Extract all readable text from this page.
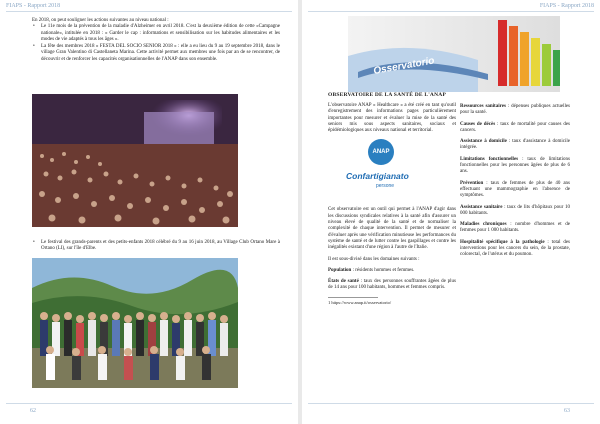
FIAPS - Rapport 2018

En 2018, on peut souligner les actions suivantes au niveau national :

• Le 11e mois de la prévention de la maladie d'Alzheimer en avril 2018. C'est la deuxième édition de cette «Campagne nationale», intitulée en 2018 : « Garder le cap : informations et sensibilisation sur les habitudes alimentaires et les modes de vie adaptés à tous les âges ».
• La fête des membres 2018 « FESTA DEL SOCIO SENIOR 2018 » : elle a eu lieu du 9 au 19 septembre 2018, dans le village Gran Valentino di Castellaneta Marina. Cette activité permet aux membres une fois par an de se rencontrer, de découvrir et de renforcer les capacités organisationnelles de l'ANAP dans son ensemble.
• Le festival des grands-parents et des petits-enfants 2018 célébré du 9 au 16 juin 2018, au Village Club Ortano Mare à Ortano (LI), sur l'île d'Elbe.
62
FIAPS - Rapport 2018
Osservatorio
OBSERVATOIRE DE LA SANTÉ DE L'ANAP

L'observatoire ANAP « Healthcare » a été créé en tant qu'outil d'enregistrement des informations pages particulièrement importantes pour mesurer et évaluer la mise de la santé des seniors mis sous aspects sanitaires, sociaux et épidémiologiques aux niveaux national et territorial.

ANAP
Confartigianato
persone

Cet observatoire est un outil qui permet à l'ANAP d'agir dans les discussions syndicales relatives à la santé afin d'assurer un niveau élevé de qualité de la santé et de normaliser la complexité de chaque intervention. Il permet de mesurer et d'évaluer après une vérification minutieuse les performances du système de santé et de lutter contre les gaspillages et contre les inégalités existant d'une région à l'autre de l'Italie.

Il est sous-divisé dans les domaines suivants :

Population : résidents hommes et femmes.

États de santé : taux des personnes souffrantes âgées de plus de 14 ans pour 100 habitants, hommes et femmes compris.

1 https://www.anap.it/osservatorio/

Ressources sanitaires : dépenses publiques actuelles pour la santé.

Causes de décès : taux de mortalité pour causes des cancers.

Assistance à domicile : taux d'assistance à domicile intégrée.

Limitations fonctionnelles : taux de limitations fonctionnelles pour les personnes âgées de plus de 6 ans.

Prévention : taux de femmes de plus de 40 ans effectuant une mammographie en l'absence de symptômes.

Assistance sanitaire : taux de lits d'hôpitaux pour 10 000 habitants.

Maladies chroniques : nombre d'hommes et de femmes pour 1 000 habitants.

Hospitalité spécifique à la pathologie : total des interventions pour les cancers du sein, de la prostate, colorectal, de l'utérus et du poumon.

63
